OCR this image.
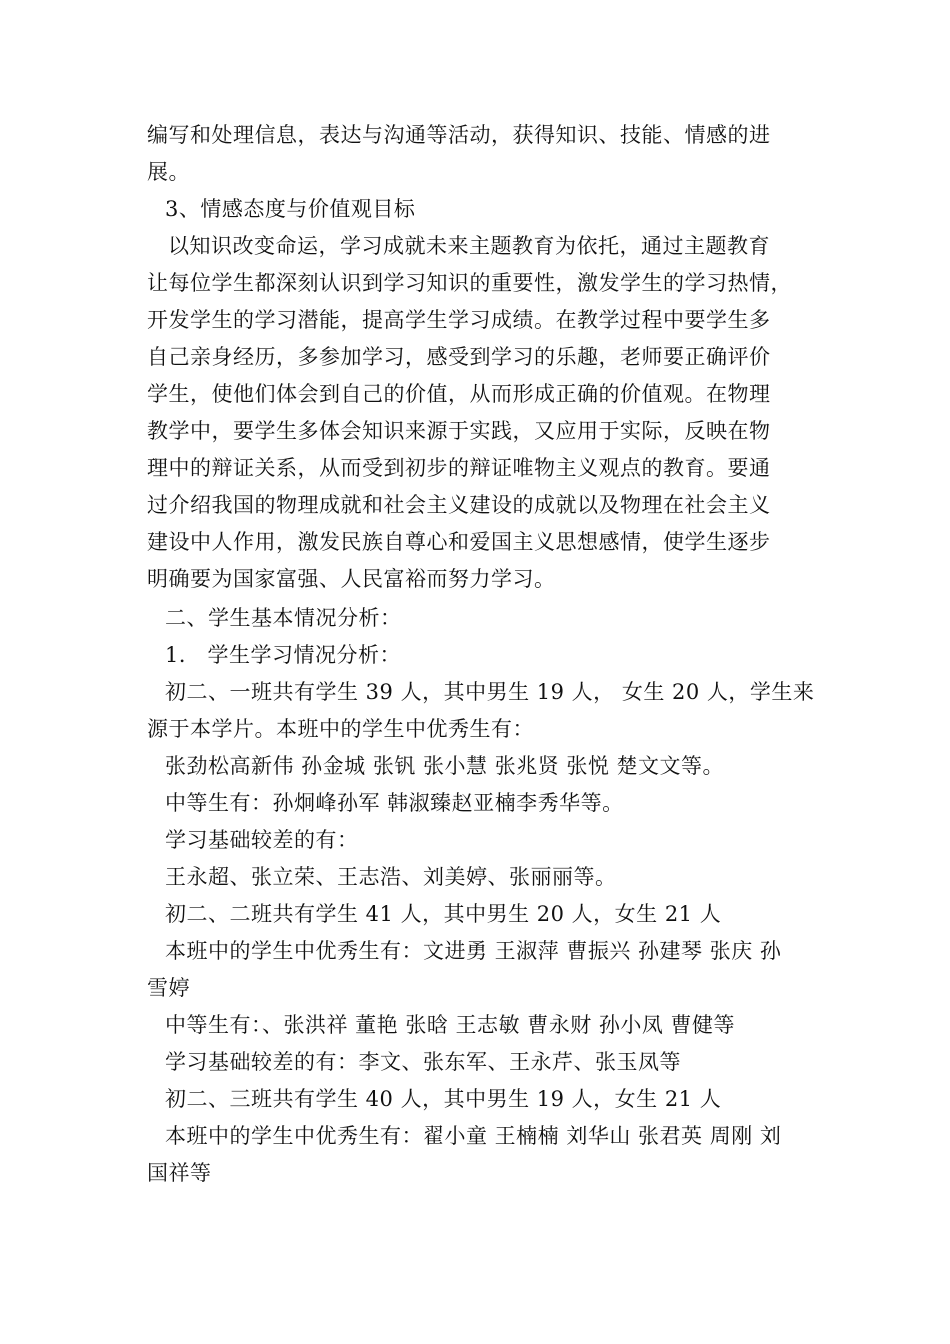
编写和处理信息，表达与沟通等活动，获得知识、技能、情感的进
展。
3、情感态度与价值观目标
以知识改变命运，学习成就未来主题教育为依托，通过主题教育
让每位学生都深刻认识到学习知识的重要性，激发学生的学习热情，
开发学生的学习潜能，提高学生学习成绩。在教学过程中要学生多
自己亲身经历，多参加学习，感受到学习的乐趣，老师要正确评价
学生，使他们体会到自己的价值，从而形成正确的价值观。在物理
教学中，要学生多体会知识来源于实践，又应用于实际，反映在物
理中的辩证关系，从而受到初步的辩证唯物主义观点的教育。要通
过介绍我国的物理成就和社会主义建设的成就以及物理在社会主义
建设中人作用，激发民族自尊心和爱国主义思想感情，使学生逐步
明确要为国家富强、人民富裕而努力学习。
二、学生基本情况分析：
1． 学生学习情况分析：
初二、一班共有学生 39 人，其中男生 19 人， 女生 20 人，学生来
源于本学片。本班中的学生中优秀生有：
张劲松高新伟 孙金城 张钒 张小慧 张兆贤 张悦 楚文文等。
中等生有：孙炯峰孙军 韩淑臻赵亚楠李秀华等。
学习基础较差的有：
王永超、张立荣、王志浩、刘美婷、张丽丽等。
初二、二班共有学生 41 人，其中男生 20 人，女生 21 人
本班中的学生中优秀生有：文进勇 王淑萍 曹振兴 孙建琴 张庆 孙
雪婷
中等生有：、张洪祥 董艳 张晗 王志敏 曹永财 孙小凤 曹健等
学习基础较差的有：李文、张东军、王永芹、张玉凤等
初二、三班共有学生 40 人，其中男生 19 人，女生 21 人
本班中的学生中优秀生有：翟小童 王楠楠 刘华山 张君英 周刚 刘
国祥等
